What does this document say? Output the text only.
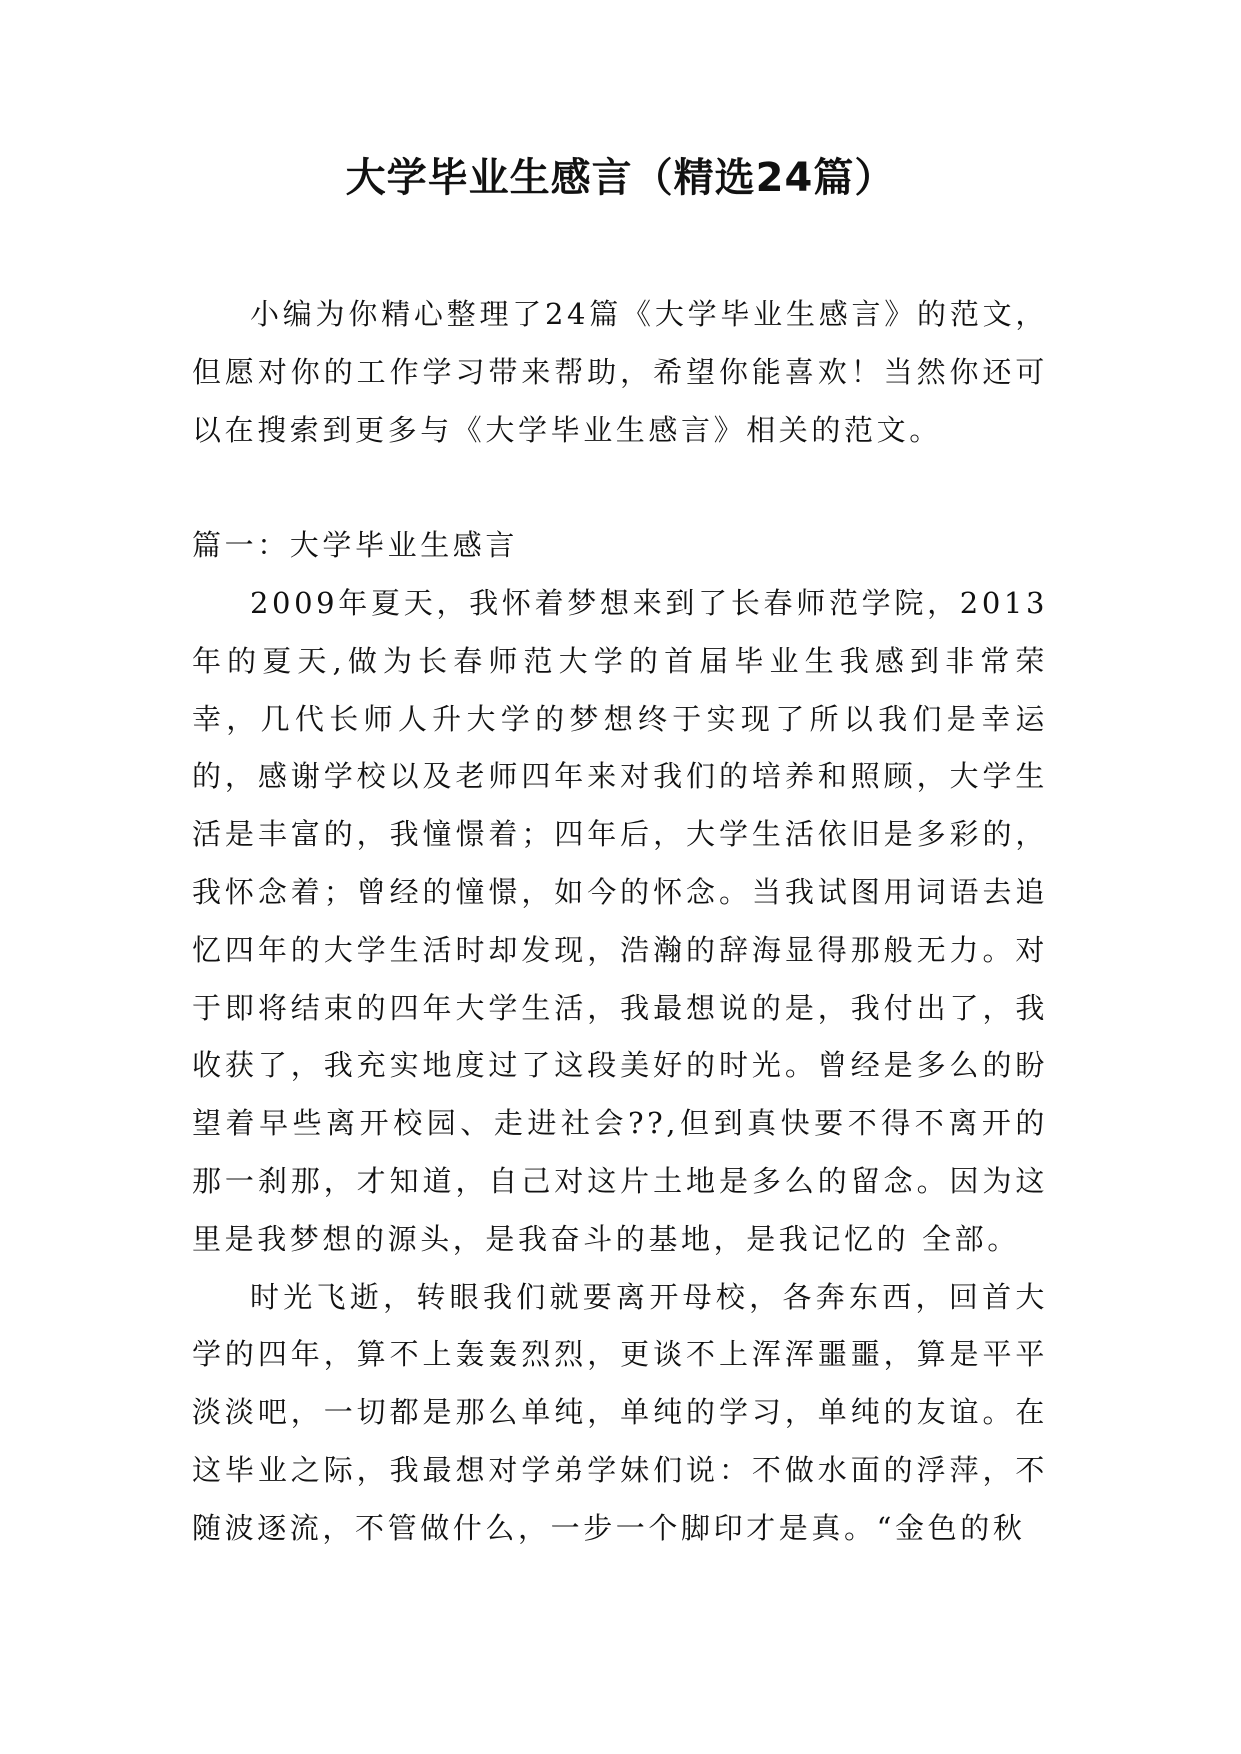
大学毕业生感言（精选24篇）

小编为你精心整理了24篇《大学毕业生感言》的范文，但愿对你的工作学习带来帮助，希望你能喜欢！当然你还可以在搜索到更多与《大学毕业生感言》相关的范文。

篇一：大学毕业生感言

2009年夏天，我怀着梦想来到了长春师范学院，2013年的夏天,做为长春师范大学的首届毕业生我感到非常荣幸，几代长师人升大学的梦想终于实现了所以我们是幸运的，感谢学校以及老师四年来对我们的培养和照顾，大学生活是丰富的，我憧憬着；四年后，大学生活依旧是多彩的，我怀念着；曾经的憧憬，如今的怀念。当我试图用词语去追忆四年的大学生活时却发现，浩瀚的辞海显得那般无力。对于即将结束的四年大学生活，我最想说的是，我付出了，我收获了，我充实地度过了这段美好的时光。曾经是多么的盼望着早些离开校园、走进社会??,但到真快要不得不离开的那一刹那，才知道，自己对这片土地是多么的留念。因为这里是我梦想的源头，是我奋斗的基地，是我记忆的 全部。

时光飞逝，转眼我们就要离开母校，各奔东西，回首大学的四年，算不上轰轰烈烈，更谈不上浑浑噩噩，算是平平淡淡吧，一切都是那么单纯，单纯的学习，单纯的友谊。在这毕业之际，我最想对学弟学妹们说：不做水面的浮萍，不随波逐流，不管做什么，一步一个脚印才是真。“金色的秋
